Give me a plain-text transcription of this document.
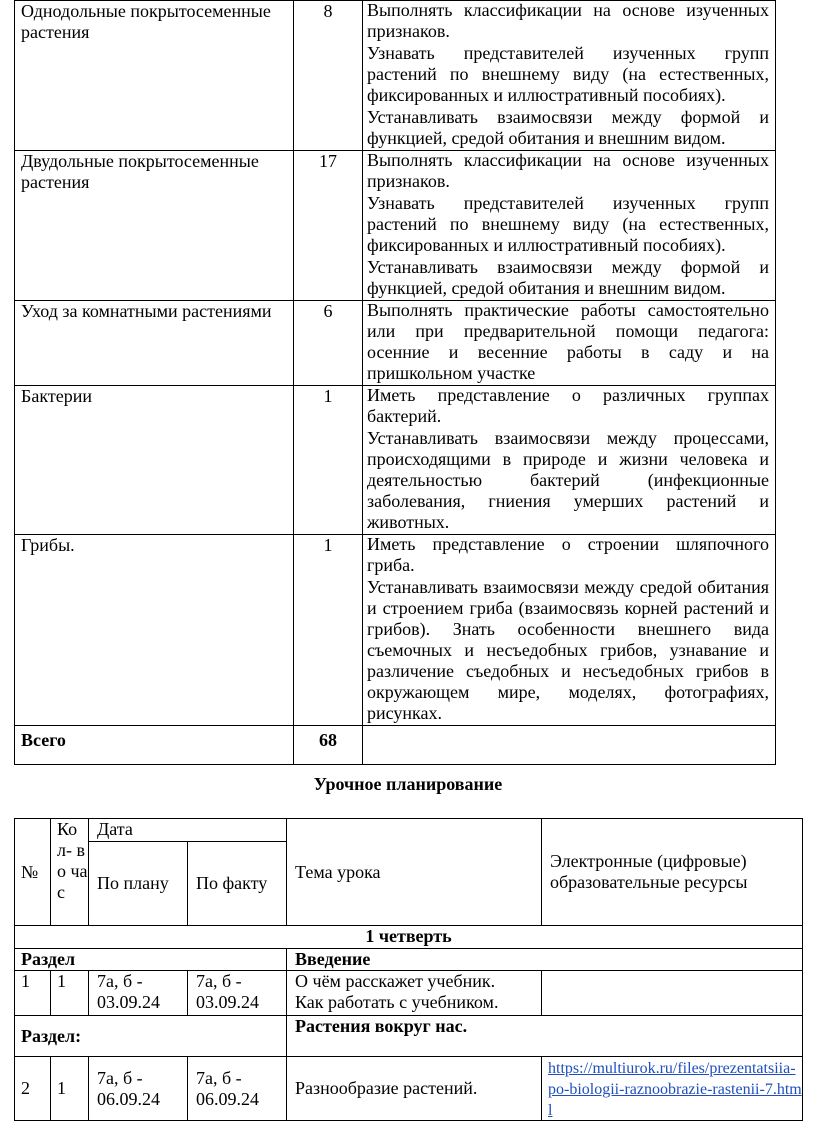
Однодольные покрытосеменные растения	8	Выполнять классификации на основе изученных признаков.

Узнавать представителей изученных групп растений по внешнему виду (на естественных, фиксированных и иллюстративный пособиях).

Устанавливать взаимосвязи между формой и функцией, средой обитания и внешним видом.

Двудольные покрытосеменные растения	17	Выполнять классификации на основе изученных признаков.

Узнавать представителей изученных групп растений по внешнему виду (на естественных, фиксированных и иллюстративный пособиях).

Устанавливать взаимосвязи между формой и функцией, средой обитания и внешним видом.

Уход за комнатными растениями	6	Выполнять практические работы самостоятельно или при предварительной помощи педагога: осенние и весенние работы в саду и на пришкольном участке

Бактерии	1	Иметь представление о различных группах бактерий.

Устанавливать взаимосвязи между процессами, происходящими в природе и жизни человека и деятельностью бактерий (инфекционные заболевания, гниения умерших растений и животных.

Грибы.	1	Иметь представление о строении шляпочного гриба.

Устанавливать взаимосвязи между средой обитания и строением гриба (взаимосвязь корней растений и грибов). Знать особенности внешнего вида съемочных и несъедобных грибов, узнавание и различение съедобных и несъедобных грибов в окружающем мире, моделях, фотографиях, рисунках.

Всего	68	
Урочное планирование
№	Ко л- во ча с	Дата		Тема урока	Электронные (цифровые) образовательные ресурсы
		По плану	По факту		
1 четверть					
Раздел				Введение	
1	1	7а, б - 03.09.24	7а, б - 03.09.24	О чём расскажет учебник.
Как работать с учебником.	

Раздел:				Растения вокруг нас.	
2	1	7а, б - 06.09.24	7а, б - 06.09.24	Разнообразие растений.	https://multiurok.ru/files/prezentatsiia-po-biologii-raznoobrazie-rastenii-7.html
